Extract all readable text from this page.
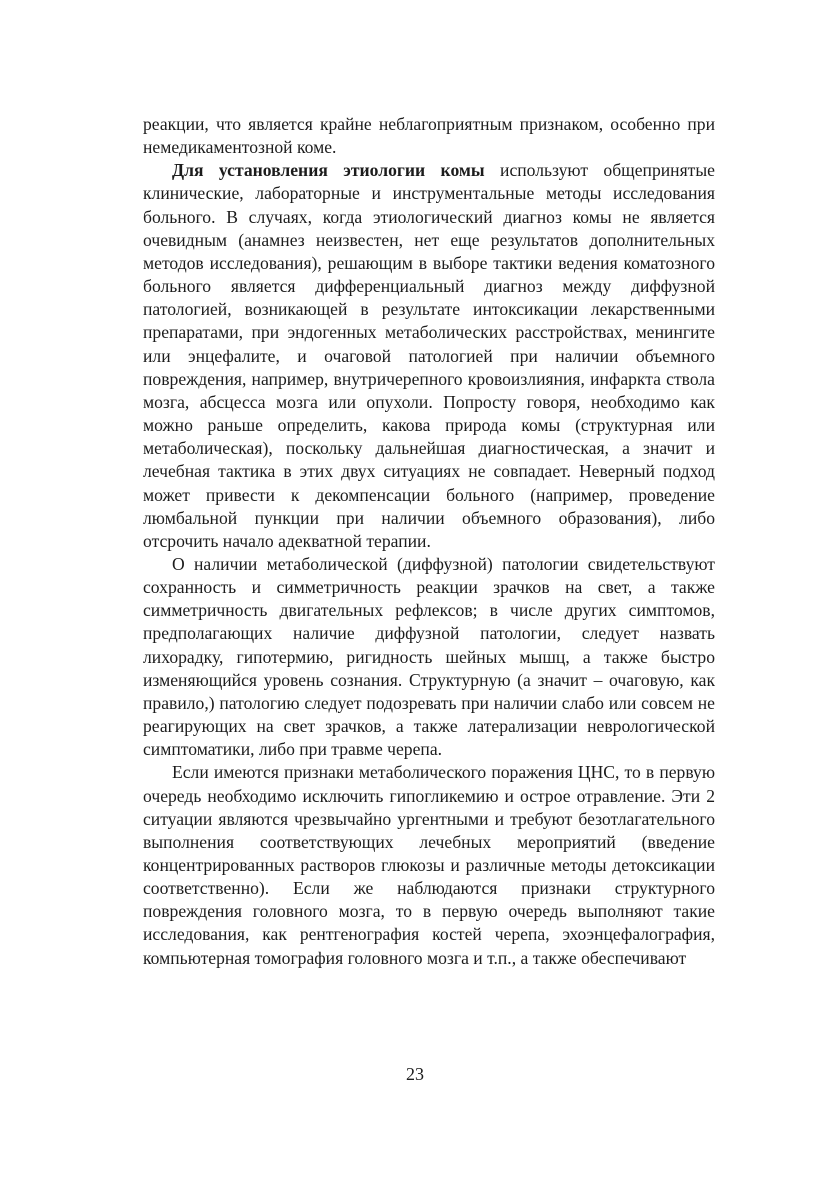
реакции, что является крайне неблагоприятным признаком, особенно при немедикаментозной коме.

Для установления этиологии комы используют общепринятые клинические, лабораторные и инструментальные методы исследования больного. В случаях, когда этиологический диагноз комы не является очевидным (анамнез неизвестен, нет еще результатов дополнительных методов исследования), решающим в выборе тактики ведения коматозного больного является дифференциальный диагноз между диффузной патологией, возникающей в результате интоксикации лекарственными препаратами, при эндогенных метаболических расстройствах, менингите или энцефалите, и очаговой патологией при наличии объемного повреждения, например, внутричерепного кровоизлияния, инфаркта ствола мозга, абсцесса мозга или опухоли. Попросту говоря, необходимо как можно раньше определить, какова природа комы (структурная или метаболическая), поскольку дальнейшая диагностическая, а значит и лечебная тактика в этих двух ситуациях не совпадает. Неверный подход может привести к декомпенсации больного (например, проведение люмбальной пункции при наличии объемного образования), либо отсрочить начало адекватной терапии.

О наличии метаболической (диффузной) патологии свидетельствуют сохранность и симметричность реакции зрачков на свет, а также симметричность двигательных рефлексов; в числе других симптомов, предполагающих наличие диффузной патологии, следует назвать лихорадку, гипотермию, ригидность шейных мышц, а также быстро изменяющийся уровень сознания. Структурную (а значит – очаговую, как правило,) патологию следует подозревать при наличии слабо или совсем не реагирующих на свет зрачков, а также латерализации неврологической симптоматики, либо при травме черепа.

Если имеются признаки метаболического поражения ЦНС, то в первую очередь необходимо исключить гипогликемию и острое отравление. Эти 2 ситуации являются чрезвычайно ургентными и требуют безотлагательного выполнения соответствующих лечебных мероприятий (введение концентрированных растворов глюкозы и различные методы детоксикации соответственно). Если же наблюдаются признаки структурного повреждения головного мозга, то в первую очередь выполняют такие исследования, как рентгенография костей черепа, эхоэнцефалография, компьютерная томография головного мозга и т.п., а также обеспечивают

23
